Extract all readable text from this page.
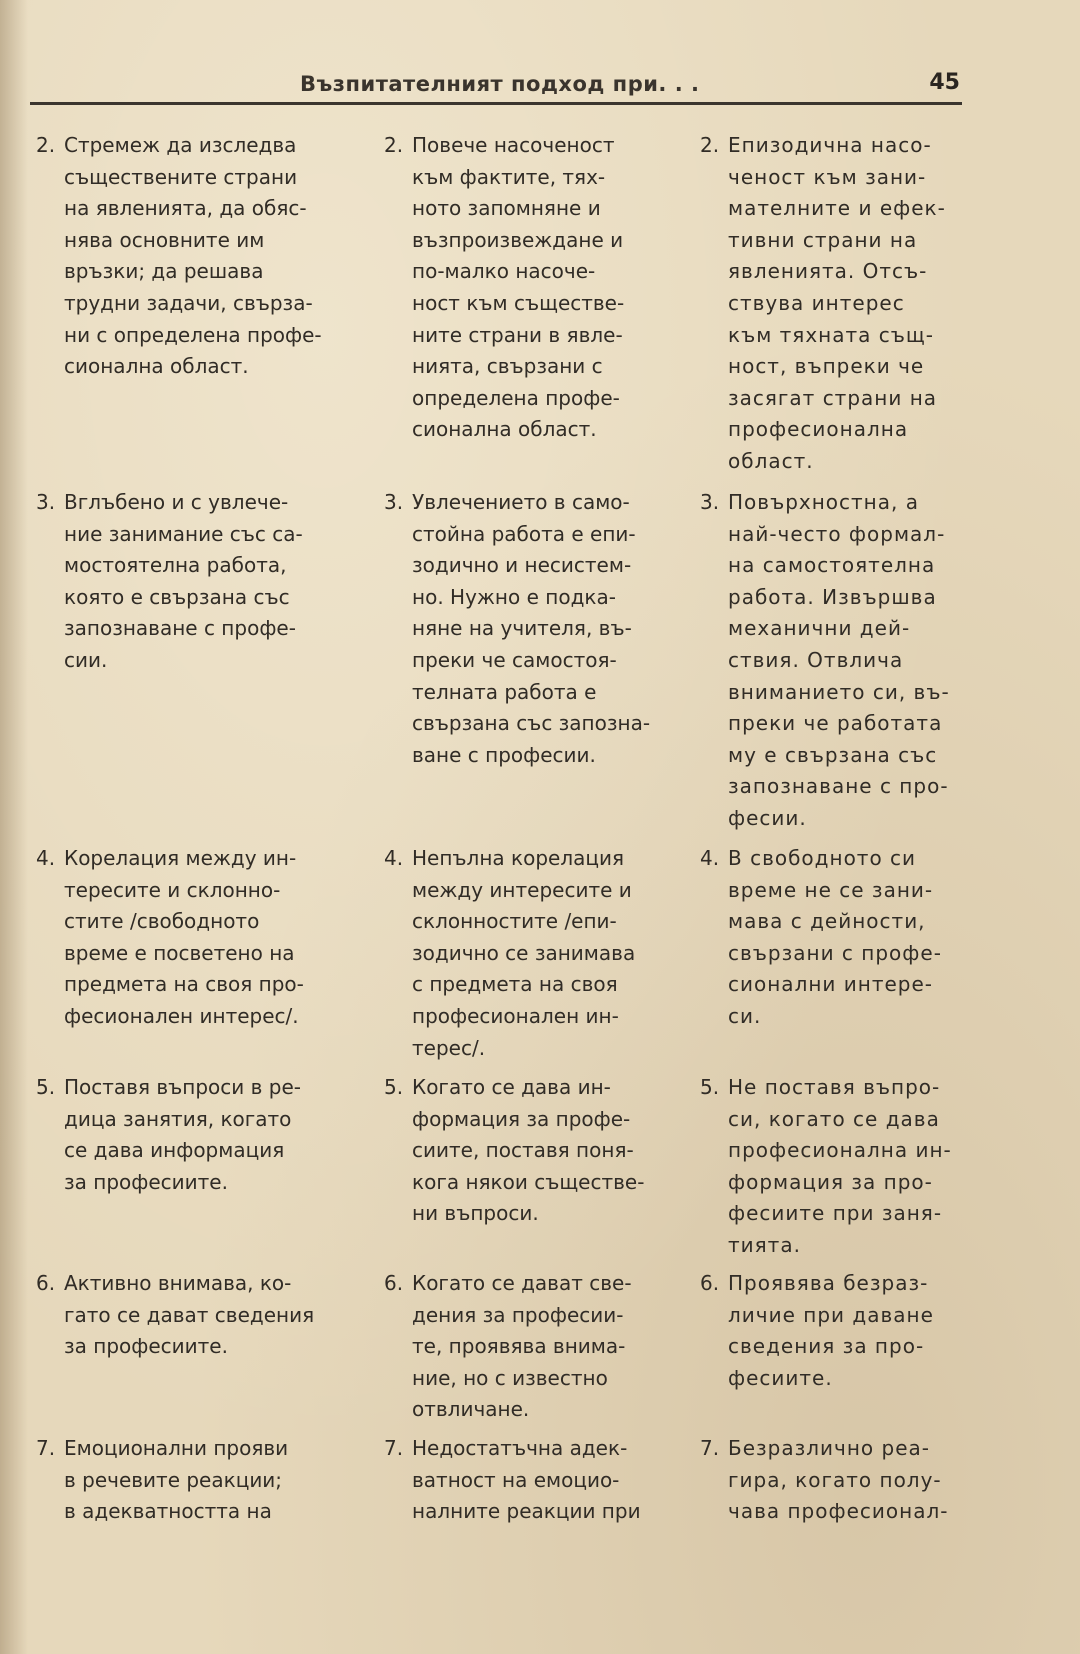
Възпитателният подход при. . .	45
2. Стремеж да изследва
съществените страни
на явленията, да обяс-
нява основните им
връзки; да решава
трудни задачи, свърза-
ни с определена профе-
сионална област.
2. Повече насоченост
към фактите, тях-
ното запомняне и
възпроизвеждане и
по-малко насоче-
ност към съществе-
ните страни в явле-
нията, свързани с
определена профе-
сионална област.
2. Епизодична насо-
ченост към зани-
мателните и ефек-
тивни страни на
явленията. Отсъ-
ствува интерес
към тяхната същ-
ност, въпреки че
засягат страни на
професионална
област.
3. Вглъбено и с увлече-
ние занимание със са-
мостоятелна работа,
която е свързана със
запознаване с профе-
сии.
3. Увлечението в само-
стойна работа е епи-
зодично и несистем-
но. Нужно е подка-
няне на учителя, въ-
преки че самостоя-
телната работа е
свързана със запозна-
ване с професии.
3. Повърхностна, а
най-често формал-
на самостоятелна
работа. Извършва
механични дей-
ствия. Отвлича
вниманието си, въ-
преки че работата
му е свързана със
запознаване с про-
фесии.
4. Корелация между ин-
тересите и склонно-
стите /свободното
време е посветено на
предмета на своя про-
фесионален интерес/.
4. Непълна корелация
между интересите и
склонностите /епи-
зодично се занимава
с предмета на своя
професионален ин-
терес/.
4. В свободното си
време не се зани-
мава с дейности,
свързани с профе-
сионални интере-
си.
5. Поставя въпроси в ре-
дица занятия, когато
се дава информация
за професиите.
5. Когато се дава ин-
формация за профе-
сиите, поставя поня-
кога някои съществе-
ни въпроси.
5. Не поставя въпро-
си, когато се дава
професионална ин-
формация за про-
фесиите при заня-
тията.
6. Активно внимава, ко-
гато се дават сведения
за професиите.
6. Когато се дават све-
дения за професии-
те, проявява внима-
ние, но с известно
отвличане.
6. Проявява безраз-
личие при даване
сведения за про-
фесиите.
7. Емоционални прояви
в речевите реакции;
в адекватността на
7. Недостатъчна адек-
ватност на емоцио-
налните реакции при
7. Безразлично реа-
гира, когато полу-
чава професионал-
